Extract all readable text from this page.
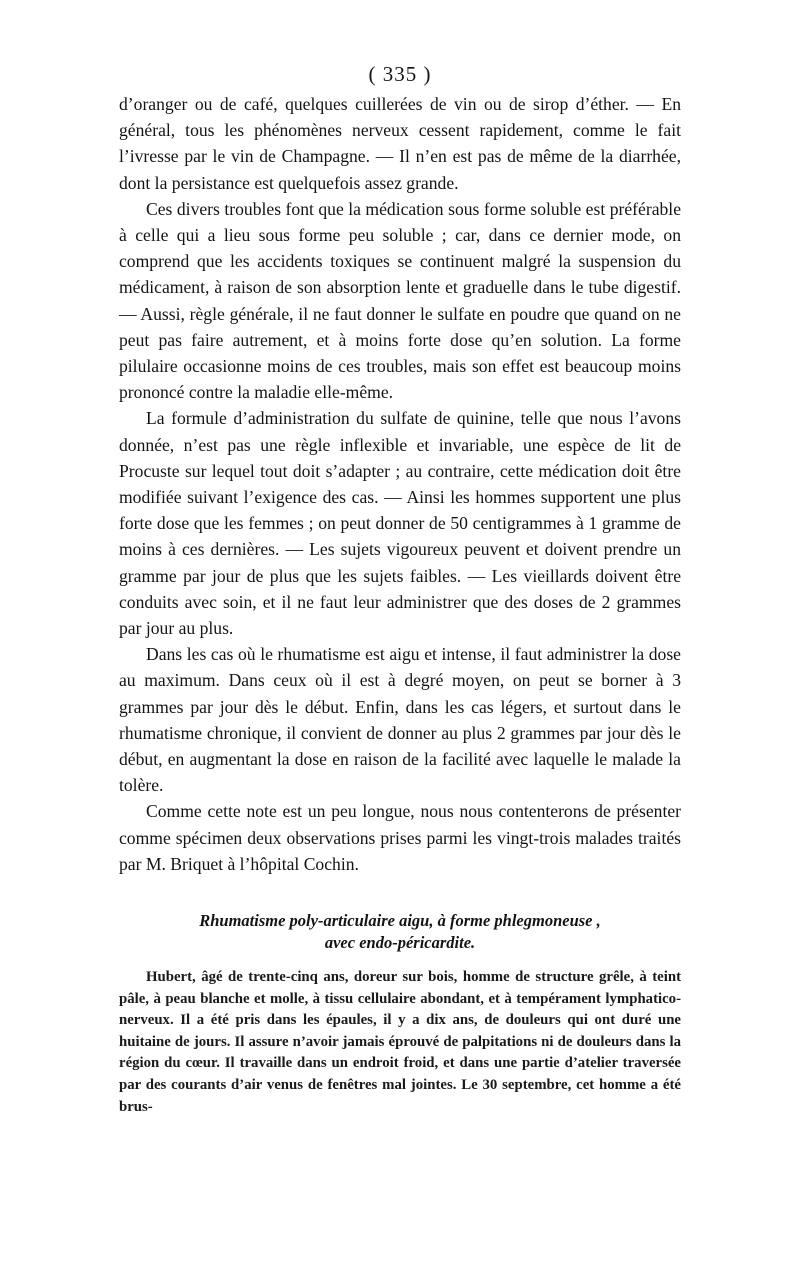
( 335 )

d’oranger ou de café, quelques cuillerées de vin ou de sirop d’éther. — En général, tous les phénomènes nerveux cessent rapidement, comme le fait l’ivresse par le vin de Champagne. — Il n’en est pas de même de la diarrhée, dont la persistance est quelquefois assez grande.

Ces divers troubles font que la médication sous forme soluble est préférable à celle qui a lieu sous forme peu soluble ; car, dans ce dernier mode, on comprend que les accidents toxiques se continuent malgré la suspension du médicament, à raison de son absorption lente et graduelle dans le tube digestif. — Aussi, règle générale, il ne faut donner le sulfate en poudre que quand on ne peut pas faire autrement, et à moins forte dose qu’en solution. La forme pilulaire occasionne moins de ces troubles, mais son effet est beaucoup moins prononcé contre la maladie elle-même.

La formule d’administration du sulfate de quinine, telle que nous l’avons donnée, n’est pas une règle inflexible et invariable, une espèce de lit de Procuste sur lequel tout doit s’adapter ; au contraire, cette médication doit être modifiée suivant l’exigence des cas. — Ainsi les hommes supportent une plus forte dose que les femmes ; on peut donner de 50 centigrammes à 1 gramme de moins à ces dernières. — Les sujets vigoureux peuvent et doivent prendre un gramme par jour de plus que les sujets faibles. — Les vieillards doivent être conduits avec soin, et il ne faut leur administrer que des doses de 2 grammes par jour au plus.

Dans les cas où le rhumatisme est aigu et intense, il faut administrer la dose au maximum. Dans ceux où il est à degré moyen, on peut se borner à 3 grammes par jour dès le début. Enfin, dans les cas légers, et surtout dans le rhumatisme chronique, il convient de donner au plus 2 grammes par jour dès le début, en augmentant la dose en raison de la facilité avec laquelle le malade la tolère.

Comme cette note est un peu longue, nous nous contenterons de présenter comme spécimen deux observations prises parmi les vingt-trois malades traités par M. Briquet à l’hôpital Cochin.

Rhumatisme poly-articulaire aigu, à forme phlegmoneuse ,
avec endo-péricardite.

Hubert, âgé de trente-cinq ans, doreur sur bois, homme de structure grêle, à teint pâle, à peau blanche et molle, à tissu cellulaire abondant, et à tempérament lymphatico-nerveux. Il a été pris dans les épaules, il y a dix ans, de douleurs qui ont duré une huitaine de jours. Il assure n’avoir jamais éprouvé de palpitations ni de douleurs dans la région du cœur. Il travaille dans un endroit froid, et dans une partie d’atelier traversée par des courants d’air venus de fenêtres mal jointes. Le 30 septembre, cet homme a été brus-
